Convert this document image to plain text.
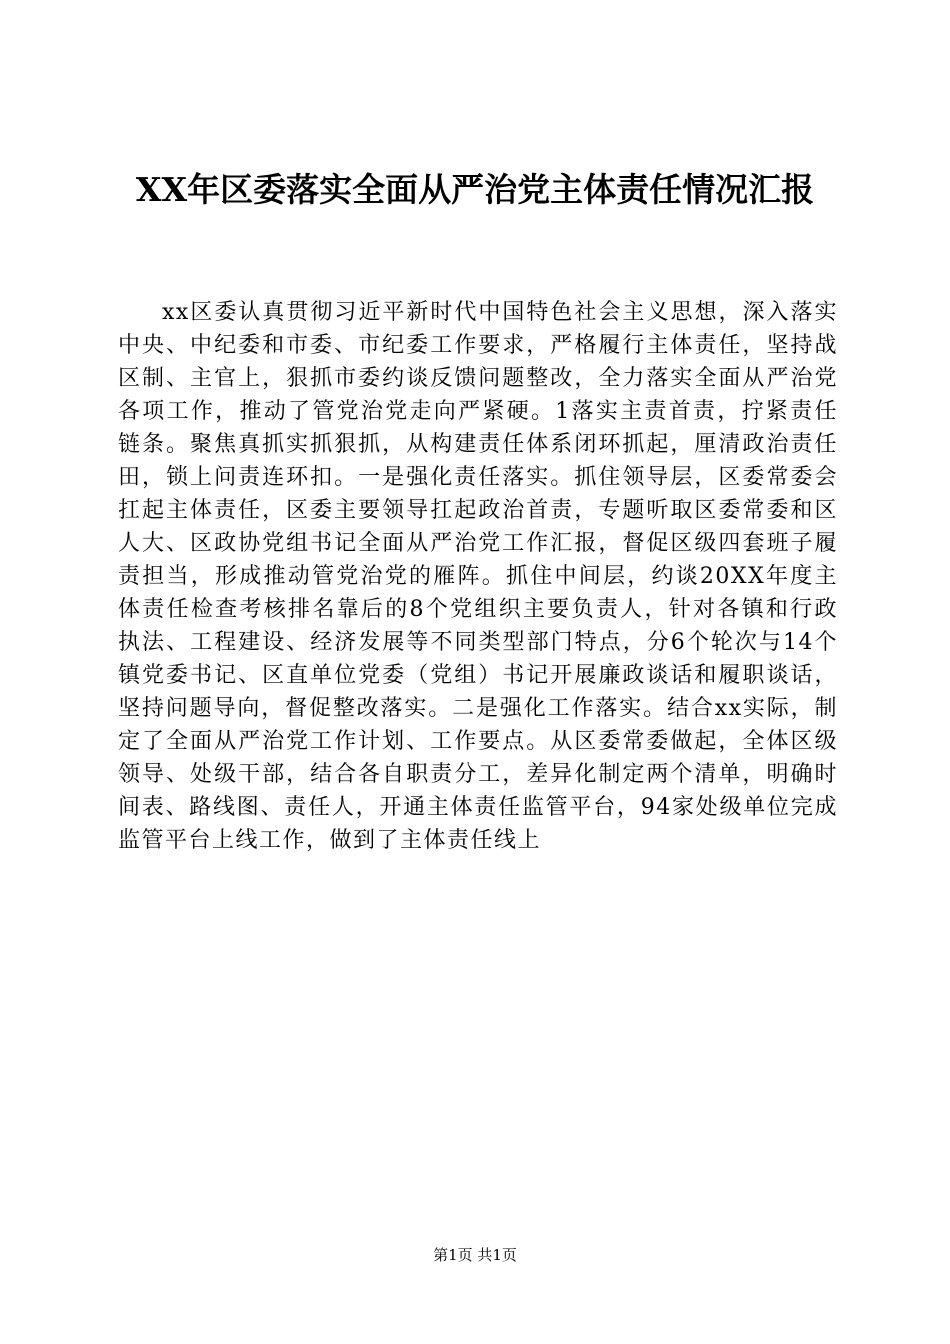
XX年区委落实全面从严治党主体责任情况汇报

xx区委认真贯彻习近平新时代中国特色社会主义思想，深入落实中央、中纪委和市委、市纪委工作要求，严格履行主体责任，坚持战区制、主官上，狠抓市委约谈反馈问题整改，全力落实全面从严治党各项工作，推动了管党治党走向严紧硬。1落实主责首责，拧紧责任链条。聚焦真抓实抓狠抓，从构建责任体系闭环抓起，厘清政治责任田，锁上问责连环扣。一是强化责任落实。抓住领导层，区委常委会扛起主体责任，区委主要领导扛起政治首责，专题听取区委常委和区人大、区政协党组书记全面从严治党工作汇报，督促区级四套班子履责担当，形成推动管党治党的雁阵。抓住中间层，约谈20XX年度主体责任检查考核排名靠后的8个党组织主要负责人，针对各镇和行政执法、工程建设、经济发展等不同类型部门特点，分6个轮次与14个镇党委书记、区直单位党委（党组）书记开展廉政谈话和履职谈话，坚持问题导向，督促整改落实。二是强化工作落实。结合xx实际，制定了全面从严治党工作计划、工作要点。从区委常委做起，全体区级领导、处级干部，结合各自职责分工，差异化制定两个清单，明确时间表、路线图、责任人，开通主体责任监管平台，94家处级单位完成监管平台上线工作，做到了主体责任线上

第1页 共1页
